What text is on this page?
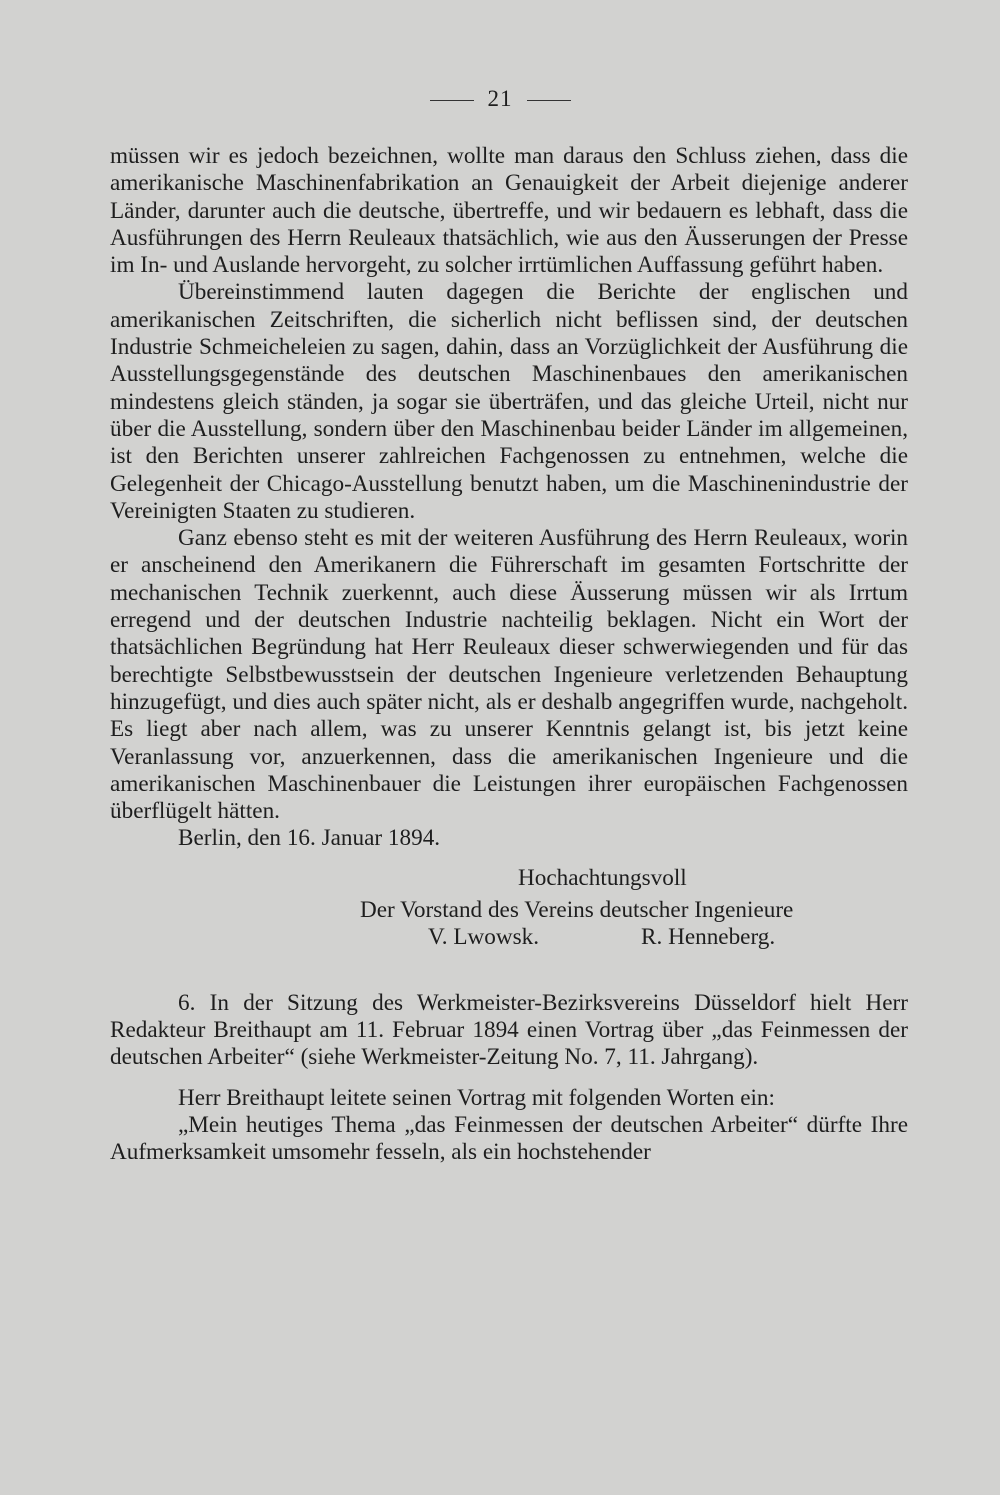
21

müssen wir es jedoch bezeichnen, wollte man daraus den Schluss ziehen, dass die amerikanische Maschinenfabrikation an Genauigkeit der Arbeit diejenige anderer Länder, darunter auch die deutsche, übertreffe, und wir bedauern es lebhaft, dass die Ausführungen des Herrn Reuleaux thatsächlich, wie aus den Äusserungen der Presse im In- und Auslande hervorgeht, zu solcher irrtümlichen Auffassung geführt haben.

Übereinstimmend lauten dagegen die Berichte der englischen und amerikanischen Zeitschriften, die sicherlich nicht beflissen sind, der deutschen Industrie Schmeicheleien zu sagen, dahin, dass an Vorzüglichkeit der Ausführung die Ausstellungsgegenstände des deutschen Maschinenbaues den amerikanischen mindestens gleich ständen, ja sogar sie überträfen, und das gleiche Urteil, nicht nur über die Ausstellung, sondern über den Maschinenbau beider Länder im allgemeinen, ist den Berichten unserer zahlreichen Fachgenossen zu entnehmen, welche die Gelegenheit der Chicago-Ausstellung benutzt haben, um die Maschinenindustrie der Vereinigten Staaten zu studieren.

Ganz ebenso steht es mit der weiteren Ausführung des Herrn Reuleaux, worin er anscheinend den Amerikanern die Führerschaft im gesamten Fortschritte der mechanischen Technik zuerkennt, auch diese Äusserung müssen wir als Irrtum erregend und der deutschen Industrie nachteilig beklagen. Nicht ein Wort der thatsächlichen Begründung hat Herr Reuleaux dieser schwerwiegenden und für das berechtigte Selbstbewusstsein der deutschen Ingenieure verletzenden Behauptung hinzugefügt, und dies auch später nicht, als er deshalb angegriffen wurde, nachgeholt. Es liegt aber nach allem, was zu unserer Kenntnis gelangt ist, bis jetzt keine Veranlassung vor, anzuerkennen, dass die amerikanischen Ingenieure und die amerikanischen Maschinenbauer die Leistungen ihrer europäischen Fachgenossen überflügelt hätten.

Berlin, den 16. Januar 1894.

Hochachtungsvoll
Der Vorstand des Vereins deutscher Ingenieure
V. Lwowsk.	R. Henneberg.

6. In der Sitzung des Werkmeister-Bezirksvereins Düsseldorf hielt Herr Redakteur Breithaupt am 11. Februar 1894 einen Vortrag über „das Feinmessen der deutschen Arbeiter“ (siehe Werkmeister-Zeitung No. 7, 11. Jahrgang).

Herr Breithaupt leitete seinen Vortrag mit folgenden Worten ein:

„Mein heutiges Thema „das Feinmessen der deutschen Arbeiter“ dürfte Ihre Aufmerksamkeit umsomehr fesseln, als ein hochstehender
